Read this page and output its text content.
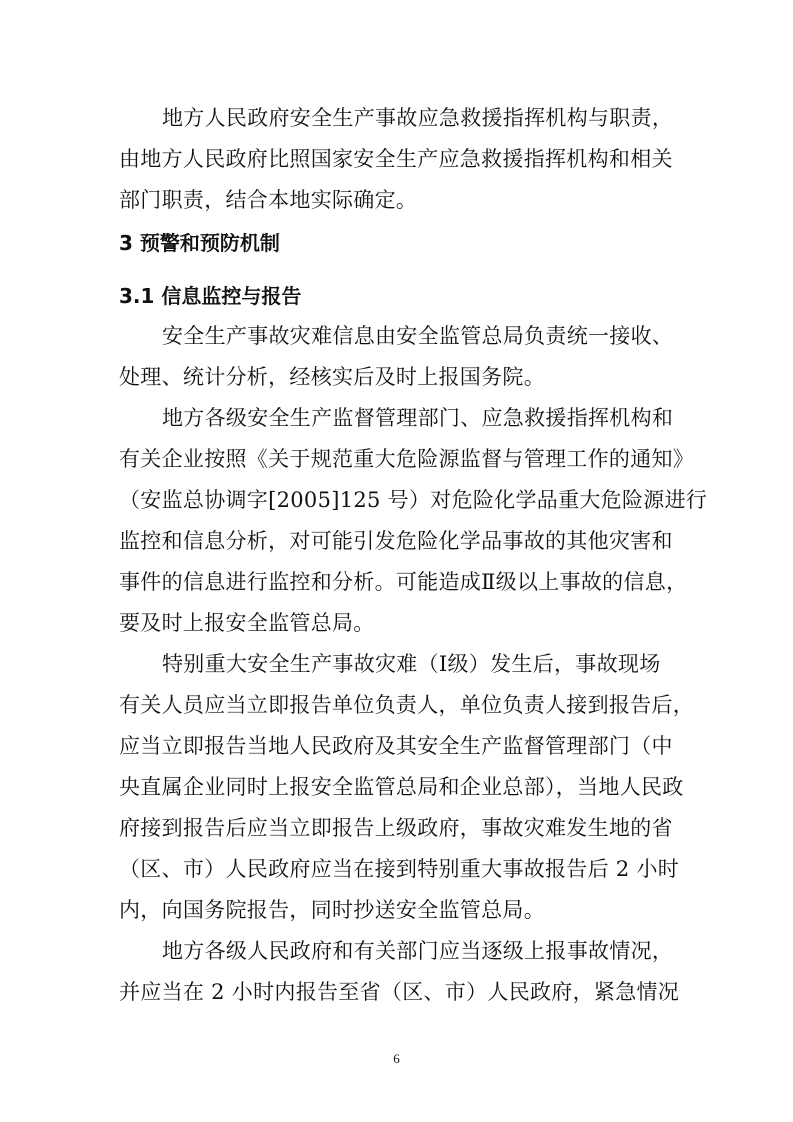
地方人民政府安全生产事故应急救援指挥机构与职责，
由地方人民政府比照国家安全生产应急救援指挥机构和相关
部门职责，结合本地实际确定。
3 预警和预防机制
3.1 信息监控与报告
安全生产事故灾难信息由安全监管总局负责统一接收、
处理、统计分析，经核实后及时上报国务院。
地方各级安全生产监督管理部门、应急救援指挥机构和
有关企业按照《关于规范重大危险源监督与管理工作的通知》
（安监总协调字[2005]125 号）对危险化学品重大危险源进行
监控和信息分析，对可能引发危险化学品事故的其他灾害和
事件的信息进行监控和分析。可能造成Ⅱ级以上事故的信息，
要及时上报安全监管总局。
特别重大安全生产事故灾难（Ⅰ级）发生后，事故现场
有关人员应当立即报告单位负责人，单位负责人接到报告后，
应当立即报告当地人民政府及其安全生产监督管理部门（中
央直属企业同时上报安全监管总局和企业总部），当地人民政
府接到报告后应当立即报告上级政府，事故灾难发生地的省
（区、市）人民政府应当在接到特别重大事故报告后 2 小时
内，向国务院报告，同时抄送安全监管总局。
地方各级人民政府和有关部门应当逐级上报事故情况，
并应当在 2 小时内报告至省（区、市）人民政府，紧急情况
6
